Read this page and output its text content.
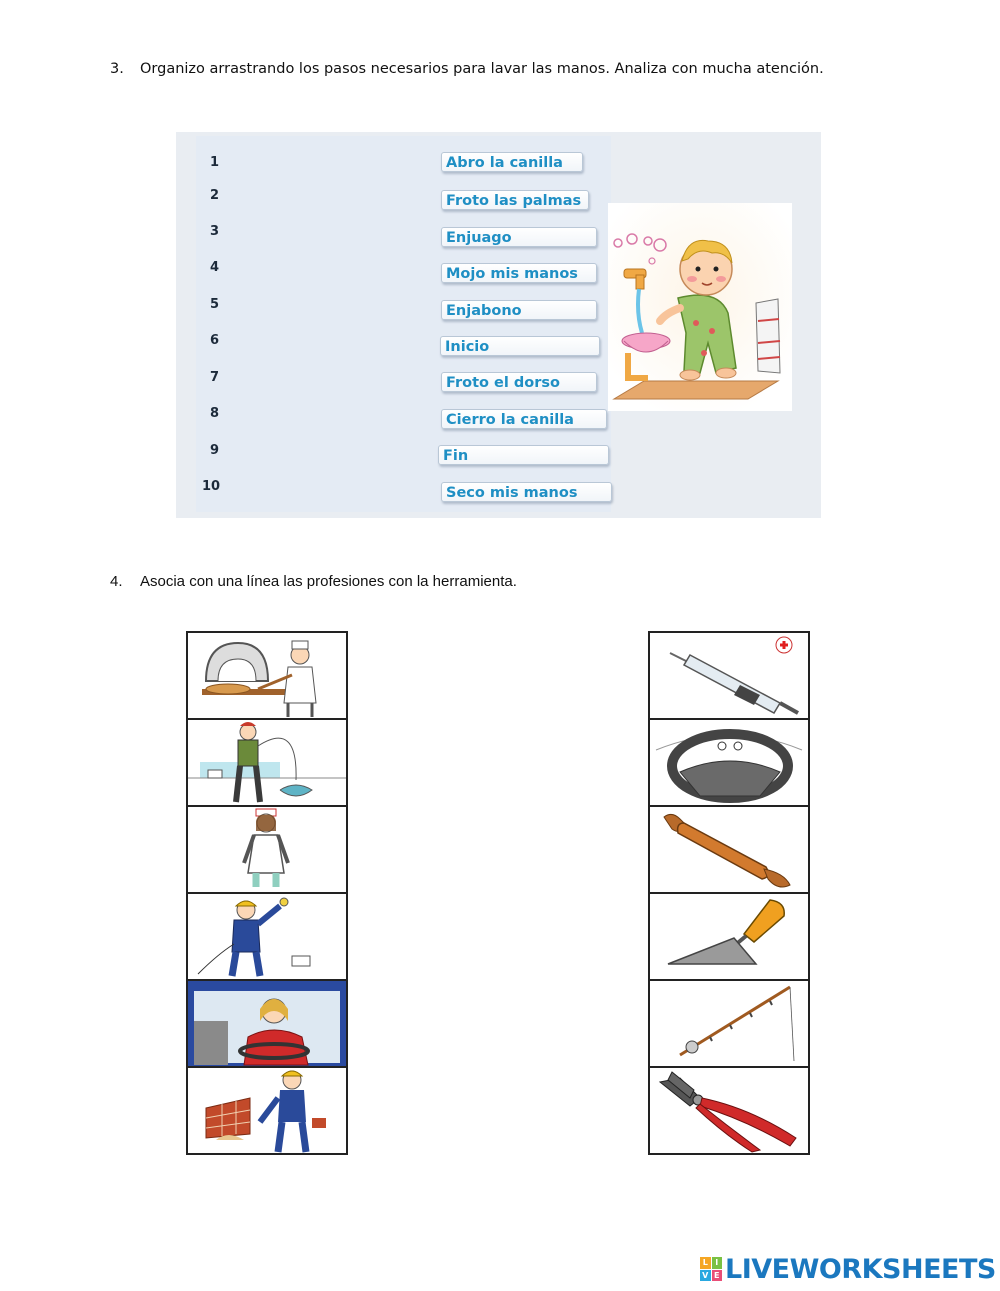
3. Organizo arrastrando los pasos necesarios para lavar las manos. Analiza con mucha atención.
1
2
3
4
5
6
7
8
9
10
Abro la canilla
Froto las palmas
Enjuago
Mojo mis manos
Enjabono
Inicio
Froto el dorso
Cierro la canilla
Fin
Seco mis manos
4. Asocia con una línea las profesiones con la herramienta.
L I
V E LIVEWORKSHEETS
